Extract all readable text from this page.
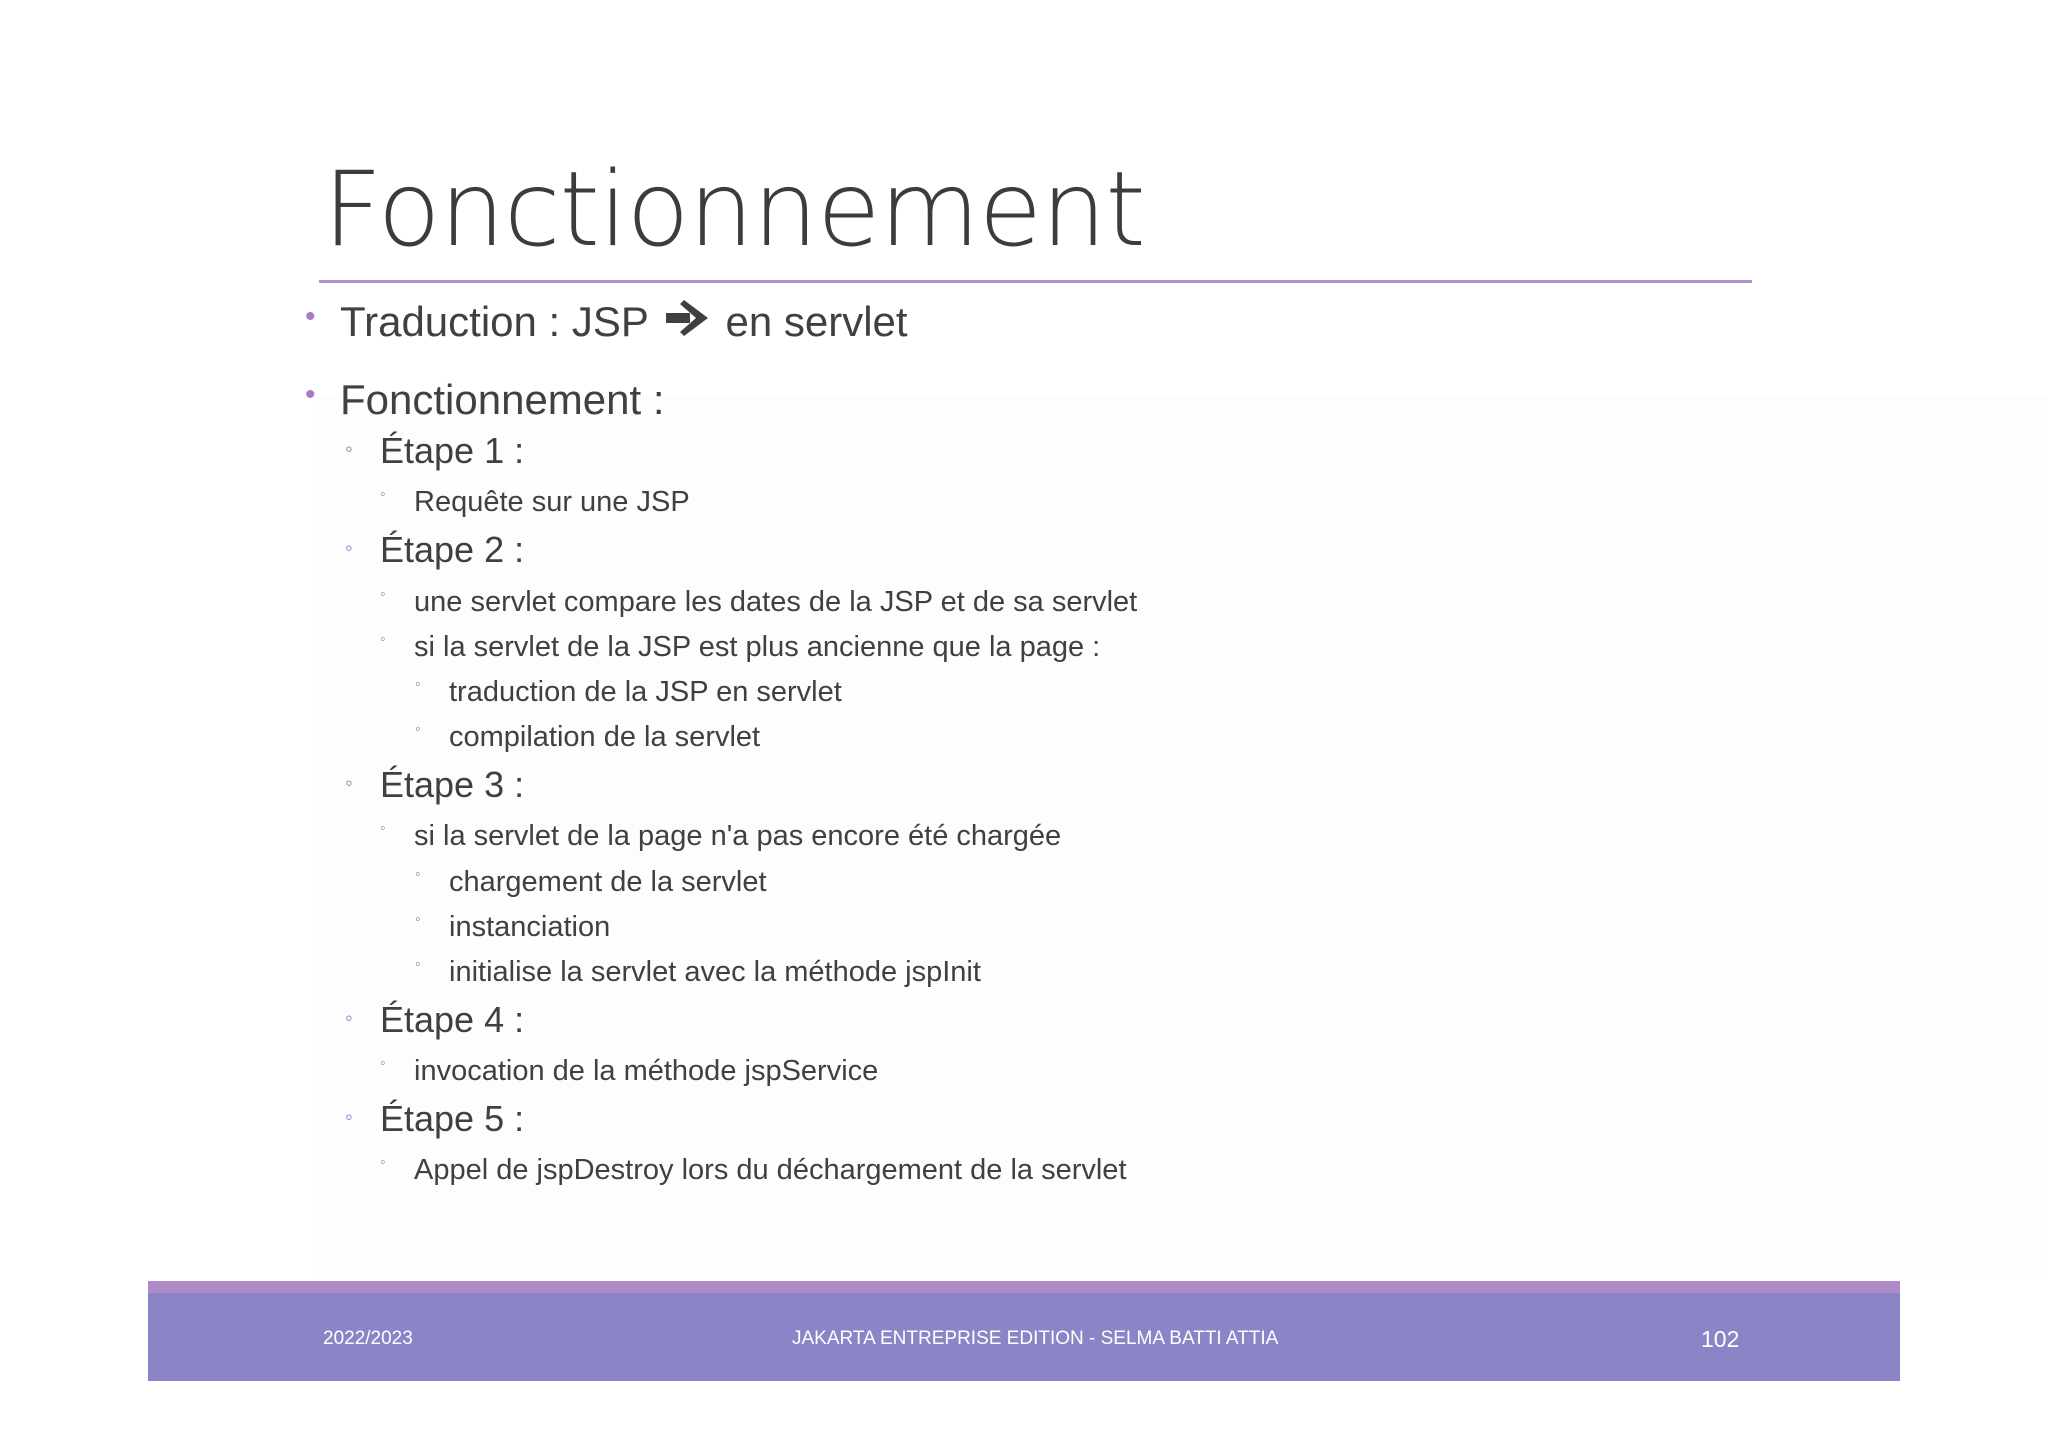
Fonctionnement
• Traduction : JSP en servlet
• Fonctionnement :
◦ Étape 1 :
◦ Requête sur une JSP
◦ Étape 2 :
◦ une servlet compare les dates de la JSP et de sa servlet
◦ si la servlet de la JSP est plus ancienne que la page :
◦ traduction de la JSP en servlet
◦ compilation de la servlet
◦ Étape 3 :
◦ si la servlet de la page n'a pas encore été chargée
◦ chargement de la servlet
◦ instanciation
◦ initialise la servlet avec la méthode jspInit
◦ Étape 4 :
◦ invocation de la méthode jspService
◦ Étape 5 :
◦ Appel de jspDestroy lors du déchargement de la servlet
2022/2023	JAKARTA ENTREPRISE EDITION - SELMA BATTI ATTIA	102
